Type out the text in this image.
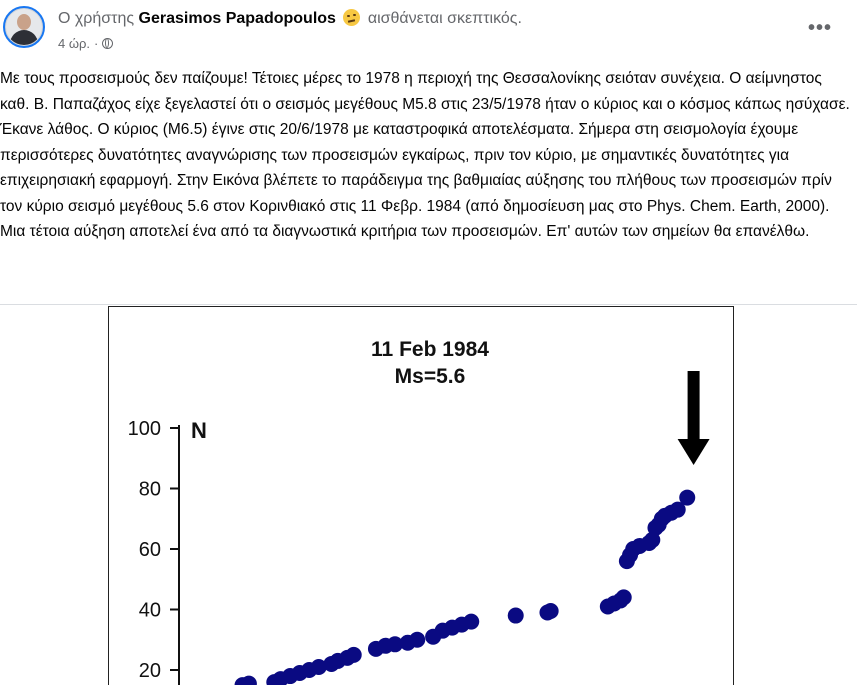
Ο χρήστης Gerasimos Papadopoulos αισθάνεται σκεπτικός.
4 ώρ. ·
•••
Με τους προσεισμούς δεν παίζουμε! Τέτοιες μέρες το 1978 η περιοχή της Θεσσαλονίκης σειόταν συνέχεια. Ο αείμνηστος καθ. Β. Παπαζάχος είχε ξεγελαστεί ότι ο σεισμός μεγέθους Μ5.8 στις 23/5/1978 ήταν ο κύριος και ο κόσμος κάπως ησύχασε. Έκανε λάθος. Ο κύριος (Μ6.5) έγινε στις 20/6/1978 με καταστροφικά αποτελέσματα. Σήμερα στη σεισμολογία έχουμε περισσότερες δυνατότητες αναγνώρισης των προσεισμών εγκαίρως, πριν τον κύριο, με σημαντικές δυνατότητες για επιχειρησιακή εφαρμογή. Στην Εικόνα βλέπετε το παράδειγμα της βαθμιαίας αύξησης του πλήθους των προσεισμών πρίν τον κύριο σεισμό μεγέθους 5.6 στον Κορινθιακό στις 11 Φεβρ. 1984 (από δημοσίευση μας στο Phys. Chem. Earth, 2000). Μια τέτοια αύξηση αποτελεί ένα από τα διαγνωστικά κριτήρια των προσεισμών. Επ' αυτών των σημείων θα επανέλθω.
11 Feb 1984
Ms=5.6
N
20
40
60
80
100
